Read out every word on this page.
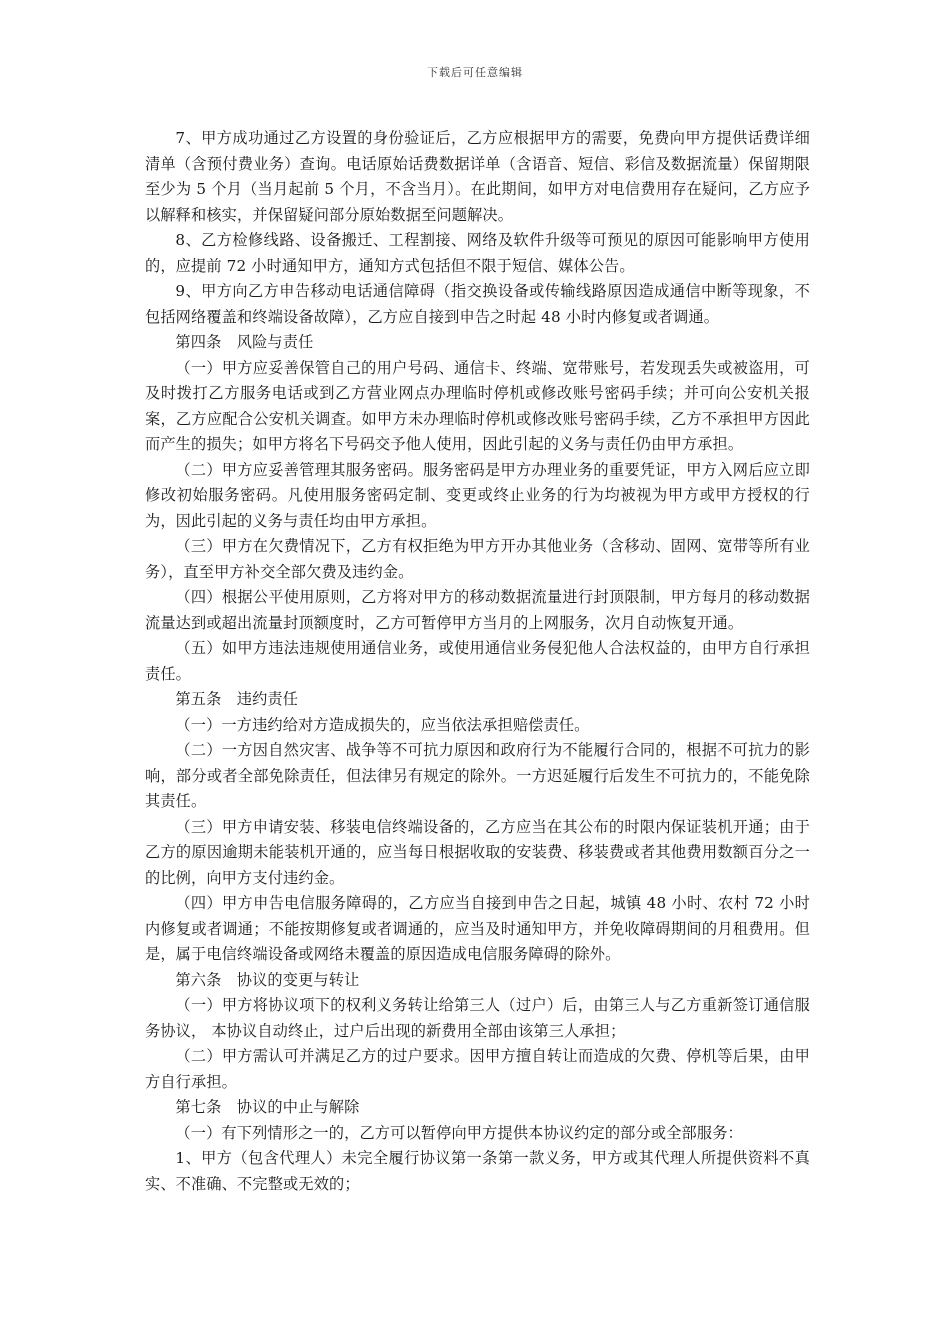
下载后可任意编辑

7、甲方成功通过乙方设置的身份验证后，乙方应根据甲方的需要，免费向甲方提供话费详细清单（含预付费业务）查询。电话原始话费数据详单（含语音、短信、彩信及数据流量）保留期限至少为 5 个月（当月起前 5 个月，不含当月）。在此期间，如甲方对电信费用存在疑问，乙方应予以解释和核实，并保留疑问部分原始数据至问题解决。

8、乙方检修线路、设备搬迁、工程割接、网络及软件升级等可预见的原因可能影响甲方使用的，应提前 72 小时通知甲方，通知方式包括但不限于短信、媒体公告。

9、甲方向乙方申告移动电话通信障碍（指交换设备或传输线路原因造成通信中断等现象，不包括网络覆盖和终端设备故障），乙方应自接到申告之时起 48 小时内修复或者调通。

第四条　风险与责任

（一）甲方应妥善保管自己的用户号码、通信卡、终端、宽带账号，若发现丢失或被盗用，可及时拨打乙方服务电话或到乙方营业网点办理临时停机或修改账号密码手续；并可向公安机关报案，乙方应配合公安机关调查。如甲方未办理临时停机或修改账号密码手续，乙方不承担甲方因此而产生的损失；如甲方将名下号码交予他人使用，因此引起的义务与责任仍由甲方承担。

（二）甲方应妥善管理其服务密码。服务密码是甲方办理业务的重要凭证，甲方入网后应立即修改初始服务密码。凡使用服务密码定制、变更或终止业务的行为均被视为甲方或甲方授权的行为，因此引起的义务与责任均由甲方承担。

（三）甲方在欠费情况下，乙方有权拒绝为甲方开办其他业务（含移动、固网、宽带等所有业务），直至甲方补交全部欠费及违约金。

（四）根据公平使用原则，乙方将对甲方的移动数据流量进行封顶限制，甲方每月的移动数据流量达到或超出流量封顶额度时，乙方可暂停甲方当月的上网服务，次月自动恢复开通。

（五）如甲方违法违规使用通信业务，或使用通信业务侵犯他人合法权益的，由甲方自行承担责任。

第五条　违约责任

（一）一方违约给对方造成损失的，应当依法承担赔偿责任。

（二）一方因自然灾害、战争等不可抗力原因和政府行为不能履行合同的，根据不可抗力的影响，部分或者全部免除责任，但法律另有规定的除外。一方迟延履行后发生不可抗力的，不能免除其责任。

（三）甲方申请安装、移装电信终端设备的，乙方应当在其公布的时限内保证装机开通；由于乙方的原因逾期未能装机开通的，应当每日根据收取的安装费、移装费或者其他费用数额百分之一的比例，向甲方支付违约金。

（四）甲方申告电信服务障碍的，乙方应当自接到申告之日起，城镇 48 小时、农村 72 小时内修复或者调通；不能按期修复或者调通的，应当及时通知甲方，并免收障碍期间的月租费用。但是，属于电信终端设备或网络未覆盖的原因造成电信服务障碍的除外。

第六条　协议的变更与转让

（一）甲方将协议项下的权利义务转让给第三人（过户）后，由第三人与乙方重新签订通信服务协议， 本协议自动终止，过户后出现的新费用全部由该第三人承担；

（二）甲方需认可并满足乙方的过户要求。因甲方擅自转让而造成的欠费、停机等后果，由甲方自行承担。

第七条　协议的中止与解除

（一）有下列情形之一的，乙方可以暂停向甲方提供本协议约定的部分或全部服务：

1、甲方（包含代理人）未完全履行协议第一条第一款义务，甲方或其代理人所提供资料不真实、不准确、不完整或无效的；
